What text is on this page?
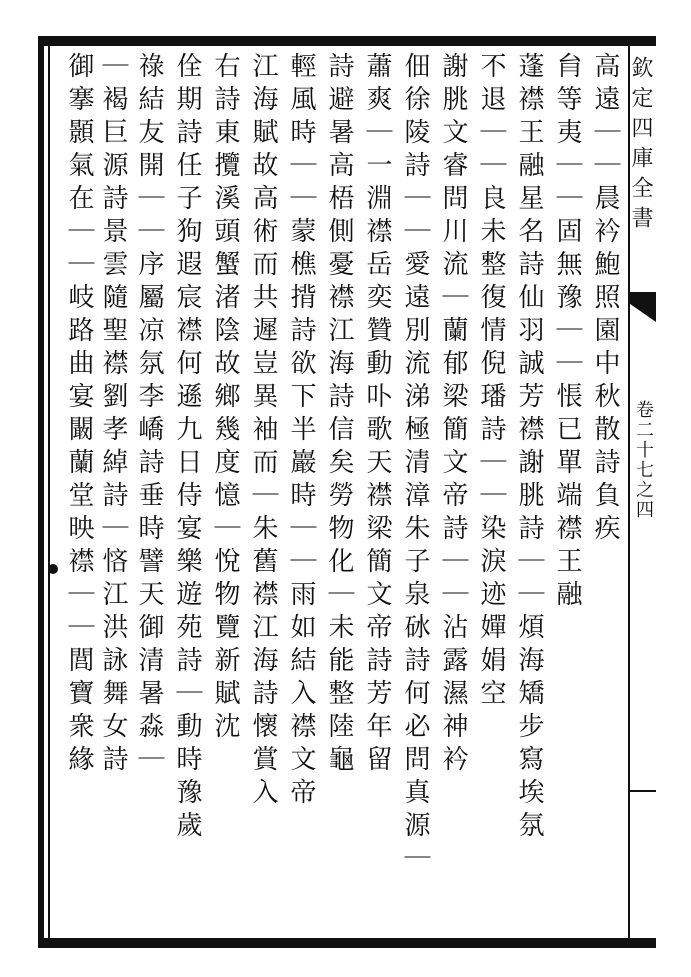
欽定四庫全書
卷二十七之四
高遠｜｜晨衿鮑照園中秋散詩負疾
䏍等夷｜｜固無豫｜｜悵已單端襟王融
蓬襟王融星名詩仙羽誠芳襟謝朓詩｜｜煩海矯步寫埃氛
不退｜｜良未整復情倪璠詩｜｜染淚迹嬋娟空
謝朓文睿問川流｜蘭郁梁簡文帝詩｜｜沾露濕神衿
佃徐陵詩｜｜愛遠別流涕極清漳朱子泉砅詩何必問真源｜
蕭爽｜一淵襟岳奕贊動卟歌天襟梁簡文帝詩芳年留
詩避暑高梧側憂襟江海詩信矣勞物化｜未能整陸龜
輕風時｜｜蒙樵揹詩欲下半巖時｜｜雨如結入襟文帝
江海賦故高術而共遲豈異袖而｜朱舊襟江海詩懷賞入
右詩東攬溪頭蟹渚陰故鄉幾度憶｜悅物覽新賦沈
佺期詩任子狗遐宸襟何遜九日侍宴樂遊苑詩｜動時豫歲
祿結友開｜｜序屬凉氛李嶠詩垂時譬天御清暑淼｜
｜褐巨源詩景雲隨聖襟劉孝綽詩｜悋江洪詠舞女詩
御搴顥氣在｜｜岐路曲宴闞蘭堂映襟｜｜閭寶衆緣
